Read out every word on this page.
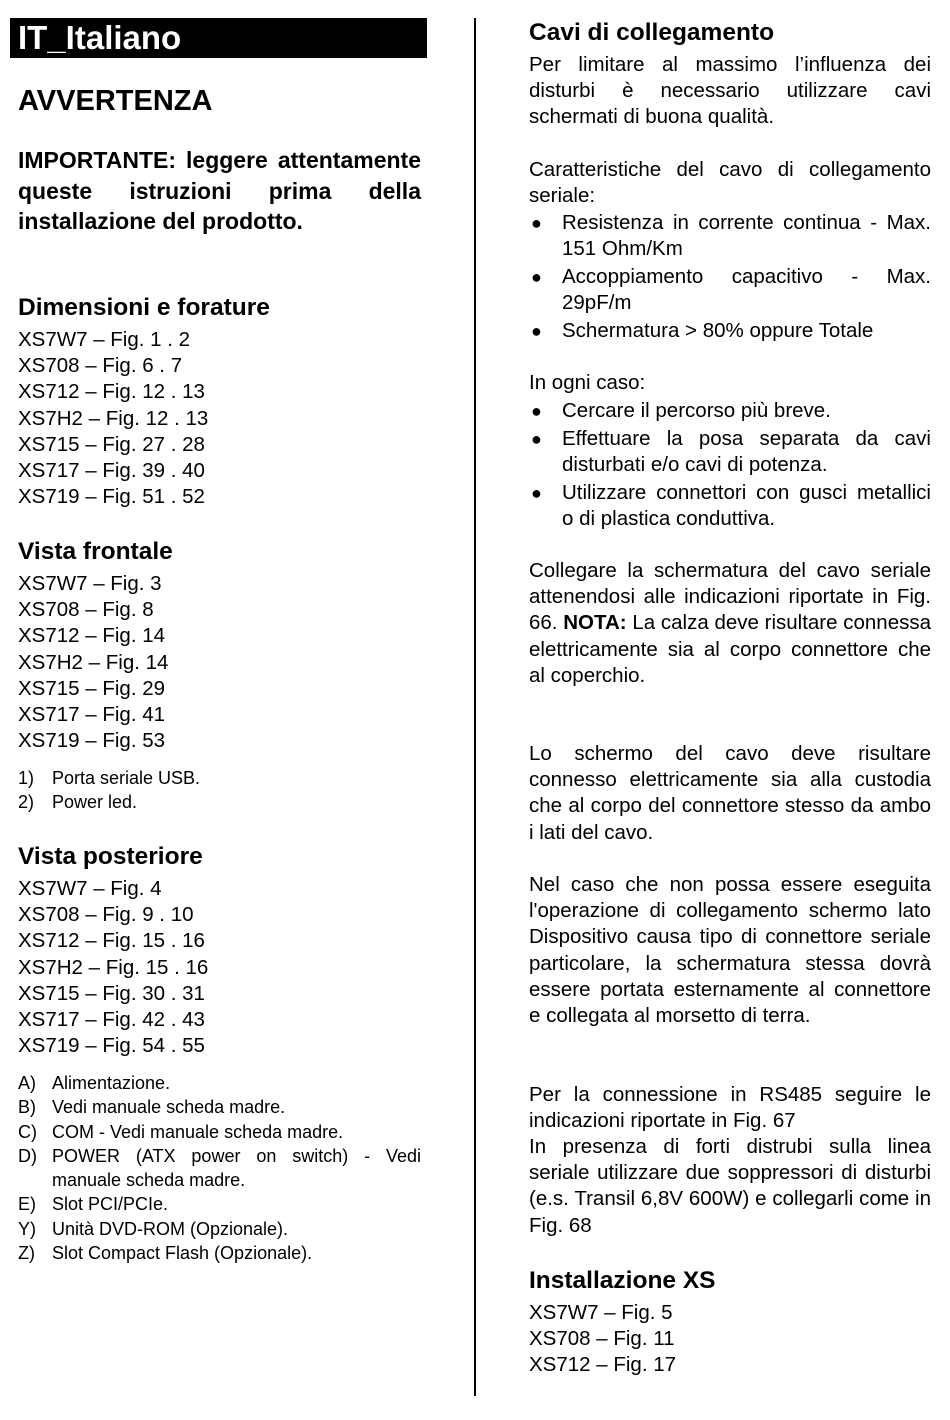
IT_Italiano
AVVERTENZA
IMPORTANTE: leggere attentamente queste istruzioni prima della installazione del prodotto.
Dimensioni e forature
XS7W7 – Fig. 1 . 2
XS708 – Fig. 6 . 7
XS712 – Fig. 12 . 13
XS7H2 – Fig. 12 . 13
XS715 – Fig. 27 . 28
XS717 – Fig. 39 . 40
XS719 – Fig. 51 . 52
Vista frontale
XS7W7 – Fig. 3
XS708 – Fig. 8
XS712 – Fig. 14
XS7H2 – Fig. 14
XS715 – Fig. 29
XS717 – Fig. 41
XS719 – Fig. 53
1) Porta seriale USB.
2) Power led.
Vista posteriore
XS7W7 – Fig. 4
XS708 – Fig. 9 . 10
XS712 – Fig. 15 . 16
XS7H2 – Fig. 15 . 16
XS715 – Fig. 30 . 31
XS717 – Fig. 42 . 43
XS719 – Fig. 54 . 55
A) Alimentazione.
B) Vedi manuale scheda madre.
C) COM - Vedi manuale scheda madre.
D) POWER (ATX power on switch) - Vedi manuale scheda madre.
E) Slot PCI/PCIe.
Y) Unità DVD-ROM (Opzionale).
Z) Slot Compact Flash (Opzionale).
Cavi di collegamento
Per limitare al massimo l’influenza dei disturbi è necessario utilizzare cavi schermati di buona qualità.
Caratteristiche del cavo di collegamento seriale:
● Resistenza in corrente continua - Max. 151 Ohm/Km
● Accoppiamento capacitivo - Max. 29pF/m
● Schermatura > 80% oppure Totale
In ogni caso:
● Cercare il percorso più breve.
● Effettuare la posa separata da cavi disturbati e/o cavi di potenza.
● Utilizzare connettori con gusci metallici o di plastica conduttiva.
Collegare la schermatura del cavo seriale attenendosi alle indicazioni riportate in Fig. 66. NOTA: La calza deve risultare connessa elettricamente sia al corpo connettore che al coperchio.
Lo schermo del cavo deve risultare connesso elettricamente sia alla custodia che al corpo del connettore stesso da ambo i lati del cavo.
Nel caso che non possa essere eseguita l'operazione di collegamento schermo lato Dispositivo causa tipo di connettore seriale particolare, la schermatura stessa dovrà essere portata esternamente al connettore e collegata al morsetto di terra.
Per la connessione in RS485 seguire le indicazioni riportate in Fig. 67
In presenza di forti distrubi sulla linea seriale utilizzare due soppressori di disturbi (e.s. Transil 6,8V 600W) e collegarli come in Fig. 68
Installazione XS
XS7W7 – Fig. 5
XS708 – Fig. 11
XS712 – Fig. 17
